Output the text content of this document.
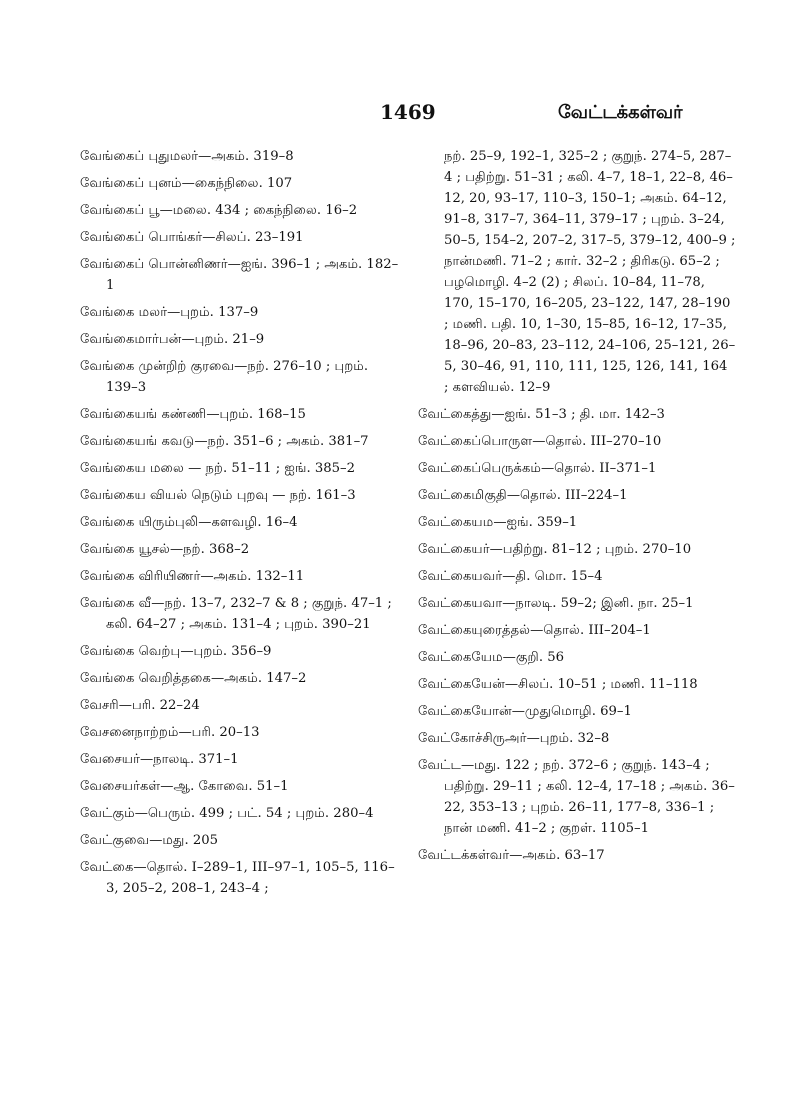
1469	வேட்டக்கள்வர்
வேங்கைப் புதுமலர்—அகம். 319–8
வேங்கைப் புனம்—கைந்நிலை. 107
வேங்கைப் பூ—மலை. 434 ; கைந்நிலை. 16–2
வேங்கைப் பொங்கர்—சிலப். 23–191
வேங்கைப் பொன்னிணர்—ஐங். 396–1 ; அகம். 182–1
வேங்கை மலர்—புறம். 137–9
வேங்கைமார்பன்—புறம். 21–9
வேங்கை முன்றிற் குரவை—நற். 276–10 ; புறம். 139–3
வேங்கையங் கண்ணி—புறம். 168–15
வேங்கையங் கவடு—நற். 351–6 ; அகம். 381–7
வேங்கைய மலை — நற். 51–11 ; ஐங். 385–2
வேங்கைய வியல் நெடும் புறவு — நற். 161–3
வேங்கை யிரும்புலி—களவழி. 16–4
வேங்கை யூசல்—நற். 368–2
வேங்கை விரியிணர்—அகம். 132–11
வேங்கை வீ—நற். 13–7, 232–7 & 8 ; குறுந். 47–1 ; கலி. 64–27 ; அகம். 131–4 ; புறம். 390–21
வேங்கை வெற்பு—புறம். 356–9
வேங்கை வெறித்தகை—அகம். 147–2
வேசரி—பரி. 22–24
வேசனைநாற்றம்—பரி. 20–13
வேசையர்—நாலடி. 371–1
வேசையர்கள்—ஆ. கோவை. 51–1
வேட்கும்—பெரும். 499 ; பட். 54 ; புறம். 280–4
வேட்குவை—மது. 205
வேட்கை—தொல். I–289–1, III–97–1, 105–5, 116–3, 205–2, 208–1, 243–4 ;
நற். 25–9, 192–1, 325–2 ; குறுந். 274–5, 287–4 ; பதிற்று. 51–31 ; கலி. 4–7, 18–1, 22–8, 46–12, 20, 93–17, 110–3, 150–1; அகம். 64–12, 91–8, 317–7, 364–11, 379–17 ; புறம். 3–24, 50–5, 154–2, 207–2, 317–5, 379–12, 400–9 ; நான்மணி. 71–2 ; கார். 32–2 ; திரிகடு. 65–2 ; பழமொழி. 4–2 (2) ; சிலப். 10–84, 11–78, 170, 15–170, 16–205, 23–122, 147, 28–190 ; மணி. பதி. 10, 1–30, 15–85, 16–12, 17–35, 18–96, 20–83, 23–112, 24–106, 25–121, 26–5, 30–46, 91, 110, 111, 125, 126, 141, 164 ; களவியல். 12–9
வேட்கைத்து—ஐங். 51–3 ; தி. மா. 142–3
வேட்கைப்பொருள—தொல். III–270–10
வேட்கைப்பெருக்கம்—தொல். II–371–1
வேட்கைமிகுதி—தொல். III–224–1
வேட்கையம—ஐங். 359–1
வேட்கையர்—பதிற்று. 81–12 ; புறம். 270–10
வேட்கையவர்—தி. மொ. 15–4
வேட்கையவா—நாலடி. 59–2; இனி. நா. 25–1
வேட்கையுரைத்தல்—தொல். III–204–1
வேட்கையேம—குறி. 56
வேட்கையேன்—சிலப். 10–51 ; மணி. 11–118
வேட்கையோன்—முதுமொழி. 69–1
வேட்கோச்சிருஅர்—புறம். 32–8
வேட்ட—மது. 122 ; நற். 372–6 ; குறுந். 143–4 ; பதிற்று. 29–11 ; கலி. 12–4, 17–18 ; அகம். 36–22, 353–13 ; புறம். 26–11, 177–8, 336–1 ; நான் மணி. 41–2 ; குறள். 1105–1
வேட்டக்கள்வர்—அகம். 63–17
